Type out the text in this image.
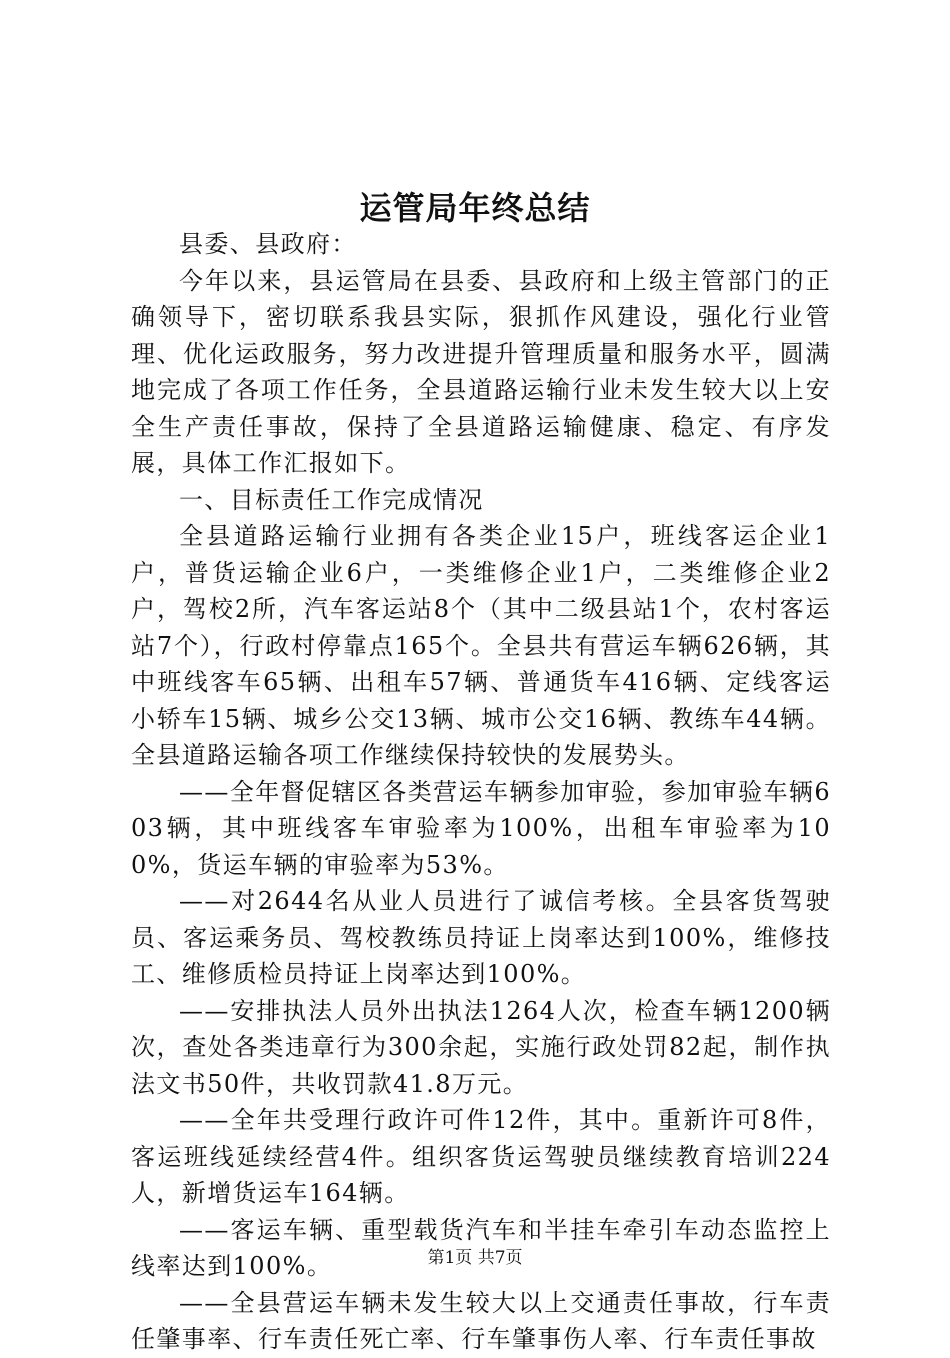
运管局年终总结

县委、县政府：

今年以来，县运管局在县委、县政府和上级主管部门的正确领导下，密切联系我县实际，狠抓作风建设，强化行业管理、优化运政服务，努力改进提升管理质量和服务水平，圆满地完成了各项工作任务，全县道路运输行业未发生较大以上安全生产责任事故，保持了全县道路运输健康、稳定、有序发展，具体工作汇报如下。

一、目标责任工作完成情况

全县道路运输行业拥有各类企业15户，班线客运企业1户，普货运输企业6户，一类维修企业1户，二类维修企业2户，驾校2所，汽车客运站8个（其中二级县站1个，农村客运站7个），行政村停靠点165个。全县共有营运车辆626辆，其中班线客车65辆、出租车57辆、普通货车416辆、定线客运小轿车15辆、城乡公交13辆、城市公交16辆、教练车44辆。全县道路运输各项工作继续保持较快的发展势头。

——全年督促辖区各类营运车辆参加审验，参加审验车辆603辆，其中班线客车审验率为100%，出租车审验率为100%，货运车辆的审验率为53%。

——对2644名从业人员进行了诚信考核。全县客货驾驶员、客运乘务员、驾校教练员持证上岗率达到100%，维修技工、维修质检员持证上岗率达到100%。

——安排执法人员外出执法1264人次，检查车辆1200辆次，查处各类违章行为300余起，实施行政处罚82起，制作执法文书50件，共收罚款41.8万元。

——全年共受理行政许可件12件，其中。重新许可8件，客运班线延续经营4件。组织客货运驾驶员继续教育培训224人，新增货运车164辆。

——客运车辆、重型载货汽车和半挂车牵引车动态监控上线率达到100%。

——全县营运车辆未发生较大以上交通责任事故，行车责任肇事率、行车责任死亡率、行车肇事伤人率、行车责任事故

第1页 共7页
